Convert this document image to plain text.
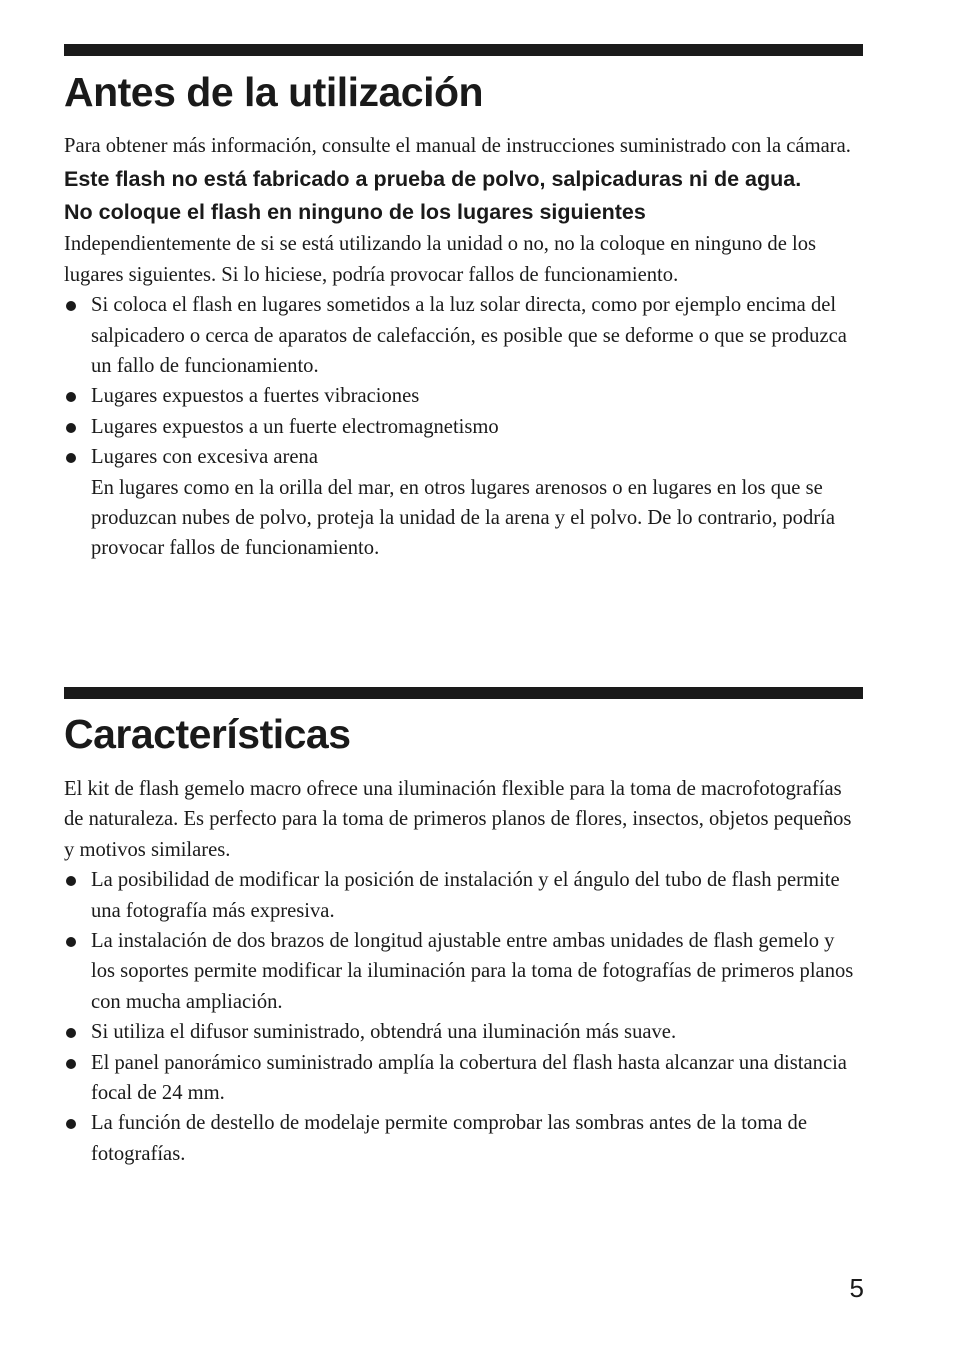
Antes de la utilización

Para obtener más información, consulte el manual de instrucciones suministrado con la cámara.

Este flash no está fabricado a prueba de polvo, salpicaduras ni de agua.

No coloque el flash en ninguno de los lugares siguientes

Independientemente de si se está utilizando la unidad o no, no la coloque en ninguno de los lugares siguientes. Si lo hiciese, podría provocar fallos de funcionamiento.

Si coloca el flash en lugares sometidos a la luz solar directa, como por ejemplo encima del salpicadero o cerca de aparatos de calefacción, es posible que se deforme o que se produzca un fallo de funcionamiento.
Lugares expuestos a fuertes vibraciones
Lugares expuestos a un fuerte electromagnetismo
Lugares con excesiva arena
En lugares como en la orilla del mar, en otros lugares arenosos o en lugares en los que se produzcan nubes de polvo, proteja la unidad de la arena y el polvo. De lo contrario, podría provocar fallos de funcionamiento.
Características

El kit de flash gemelo macro ofrece una iluminación flexible para la toma de macrofotografías de naturaleza. Es perfecto para la toma de primeros planos de flores, insectos, objetos pequeños y motivos similares.

La posibilidad de modificar la posición de instalación y el ángulo del tubo de flash permite una fotografía más expresiva.
La instalación de dos brazos de longitud ajustable entre ambas unidades de flash gemelo y los soportes permite modificar la iluminación para la toma de fotografías de primeros planos con mucha ampliación.
Si utiliza el difusor suministrado, obtendrá una iluminación más suave.
El panel panorámico suministrado amplía la cobertura del flash hasta alcanzar una distancia focal de 24 mm.
La función de destello de modelaje permite comprobar las sombras antes de la toma de fotografías.
5
